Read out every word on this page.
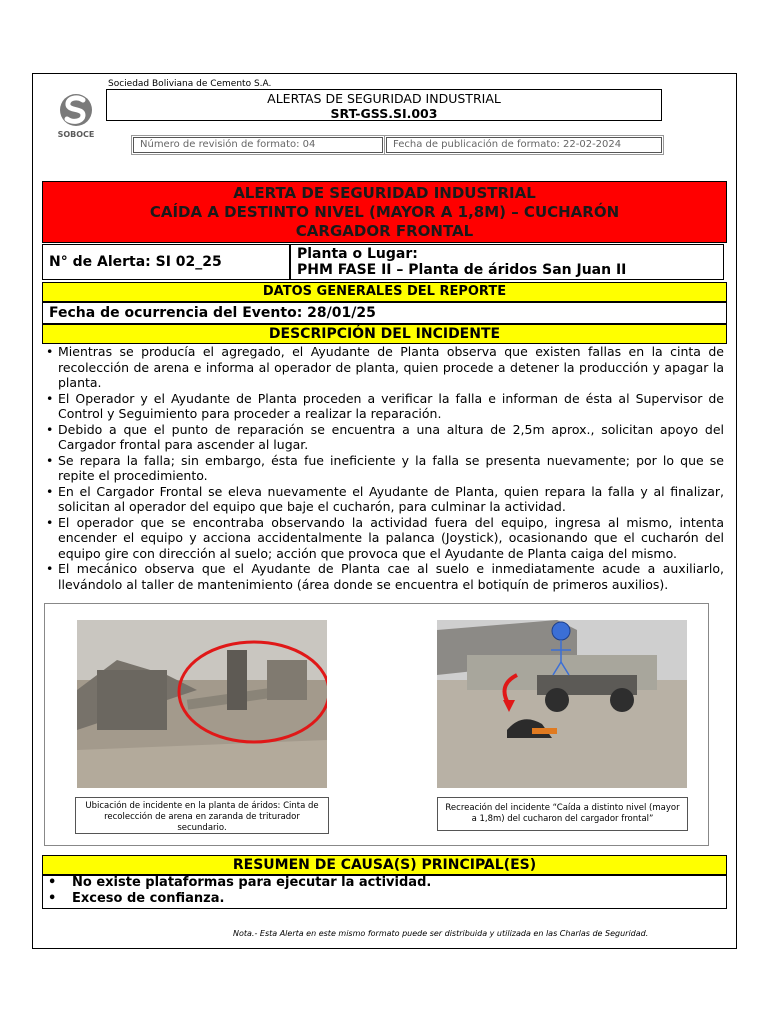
Sociedad Boliviana de Cemento S.A.
SOBOCE
ALERTAS DE SEGURIDAD INDUSTRIAL
SRT-GSS.SI.003
Número de revisión de formato: 04	Fecha de publicación de formato: 22-02-2024
ALERTA DE SEGURIDAD INDUSTRIAL
CAÍDA A DESTINTO NIVEL (MAYOR A 1,8M) – CUCHARÓN
CARGADOR FRONTAL
N° de Alerta: SI 02_25	Planta o Lugar:
PHM FASE II – Planta de áridos San Juan II
DATOS GENERALES DEL REPORTE
Fecha de ocurrencia del Evento: 28/01/25
DESCRIPCIÓN DEL INCIDENTE
• Mientras se producía el agregado, el Ayudante de Planta observa que existen fallas en la cinta de recolección de arena e informa al operador de planta, quien procede a detener la producción y apagar la planta.
• El Operador y el Ayudante de Planta proceden a verificar la falla e informan de ésta al Supervisor de Control y Seguimiento para proceder a realizar la reparación.
• Debido a que el punto de reparación se encuentra a una altura de 2,5m aprox., solicitan apoyo del Cargador frontal para ascender al lugar.
• Se repara la falla; sin embargo, ésta fue ineficiente y la falla se presenta nuevamente; por lo que se repite el procedimiento.
• En el Cargador Frontal se eleva nuevamente el Ayudante de Planta, quien repara la falla y al finalizar, solicitan al operador del equipo que baje el cucharón, para culminar la actividad.
• El operador que se encontraba observando la actividad fuera del equipo, ingresa al mismo, intenta encender el equipo y acciona accidentalmente la palanca (Joystick), ocasionando que el cucharón del equipo gire con dirección al suelo; acción que provoca que el Ayudante de Planta caiga del mismo.
• El mecánico observa que el Ayudante de Planta cae al suelo e inmediatamente acude a auxiliarlo, llevándolo al taller de mantenimiento (área donde se encuentra el botiquín de primeros auxilios).
Ubicación de incidente en la planta de áridos: Cinta de recolección de arena en zaranda de triturador secundario.
Recreación del incidente “Caída a distinto nivel (mayor a 1,8m) del cucharon del cargador frontal”
RESUMEN DE CAUSA(S) PRINCIPAL(ES)
• No existe plataformas para ejecutar la actividad.
• Exceso de confianza.
Nota.- Esta Alerta en este mismo formato puede ser distribuida y utilizada en las Charlas de Seguridad.
